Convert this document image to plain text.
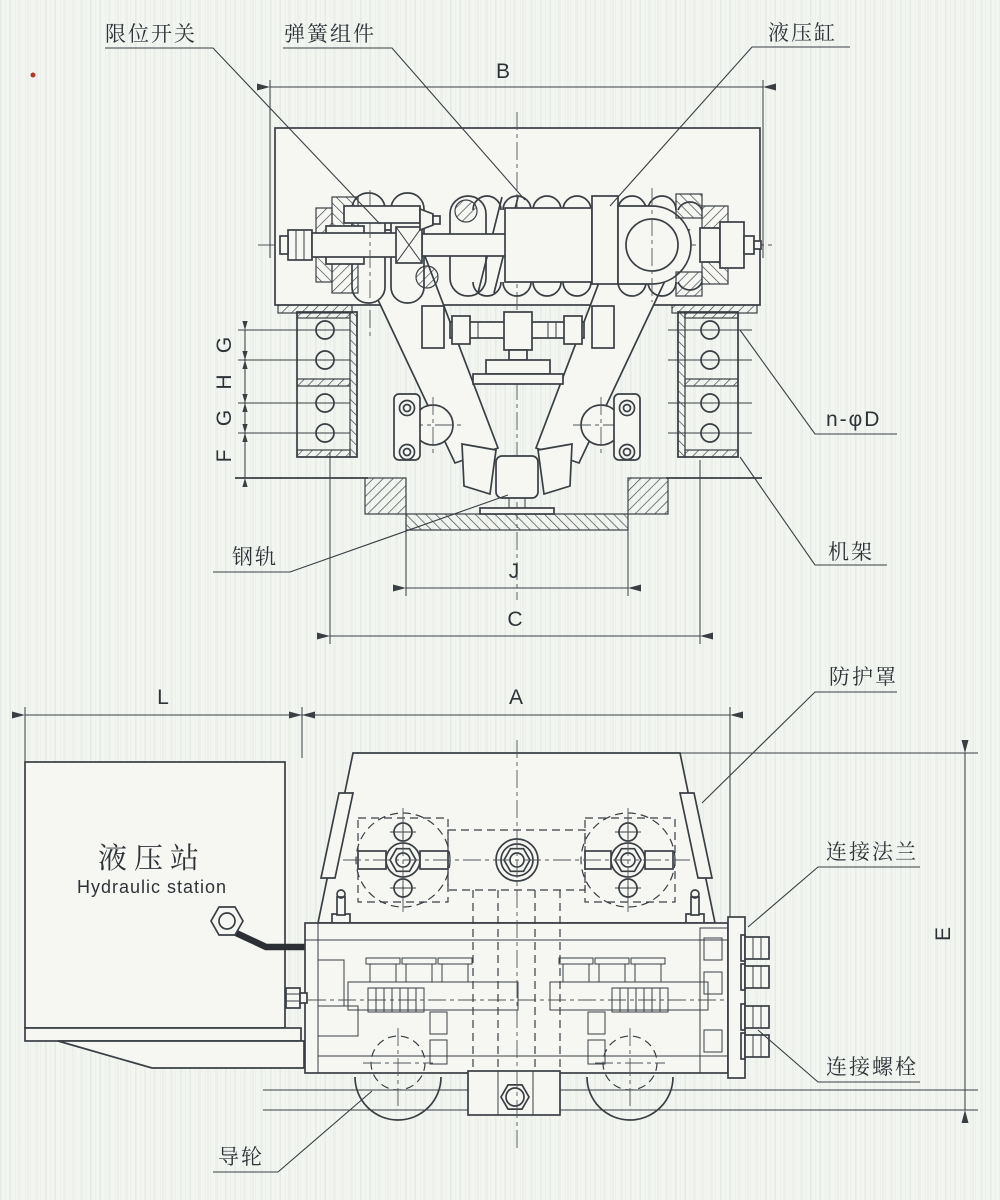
B
G
H
G
F
J
C
限位开关	弹簧组件	液压缸
n-φD
机架
钢轨
L	A
液压站
Hydraulic station
E
防护罩
连接法兰
连接螺栓
导轮
